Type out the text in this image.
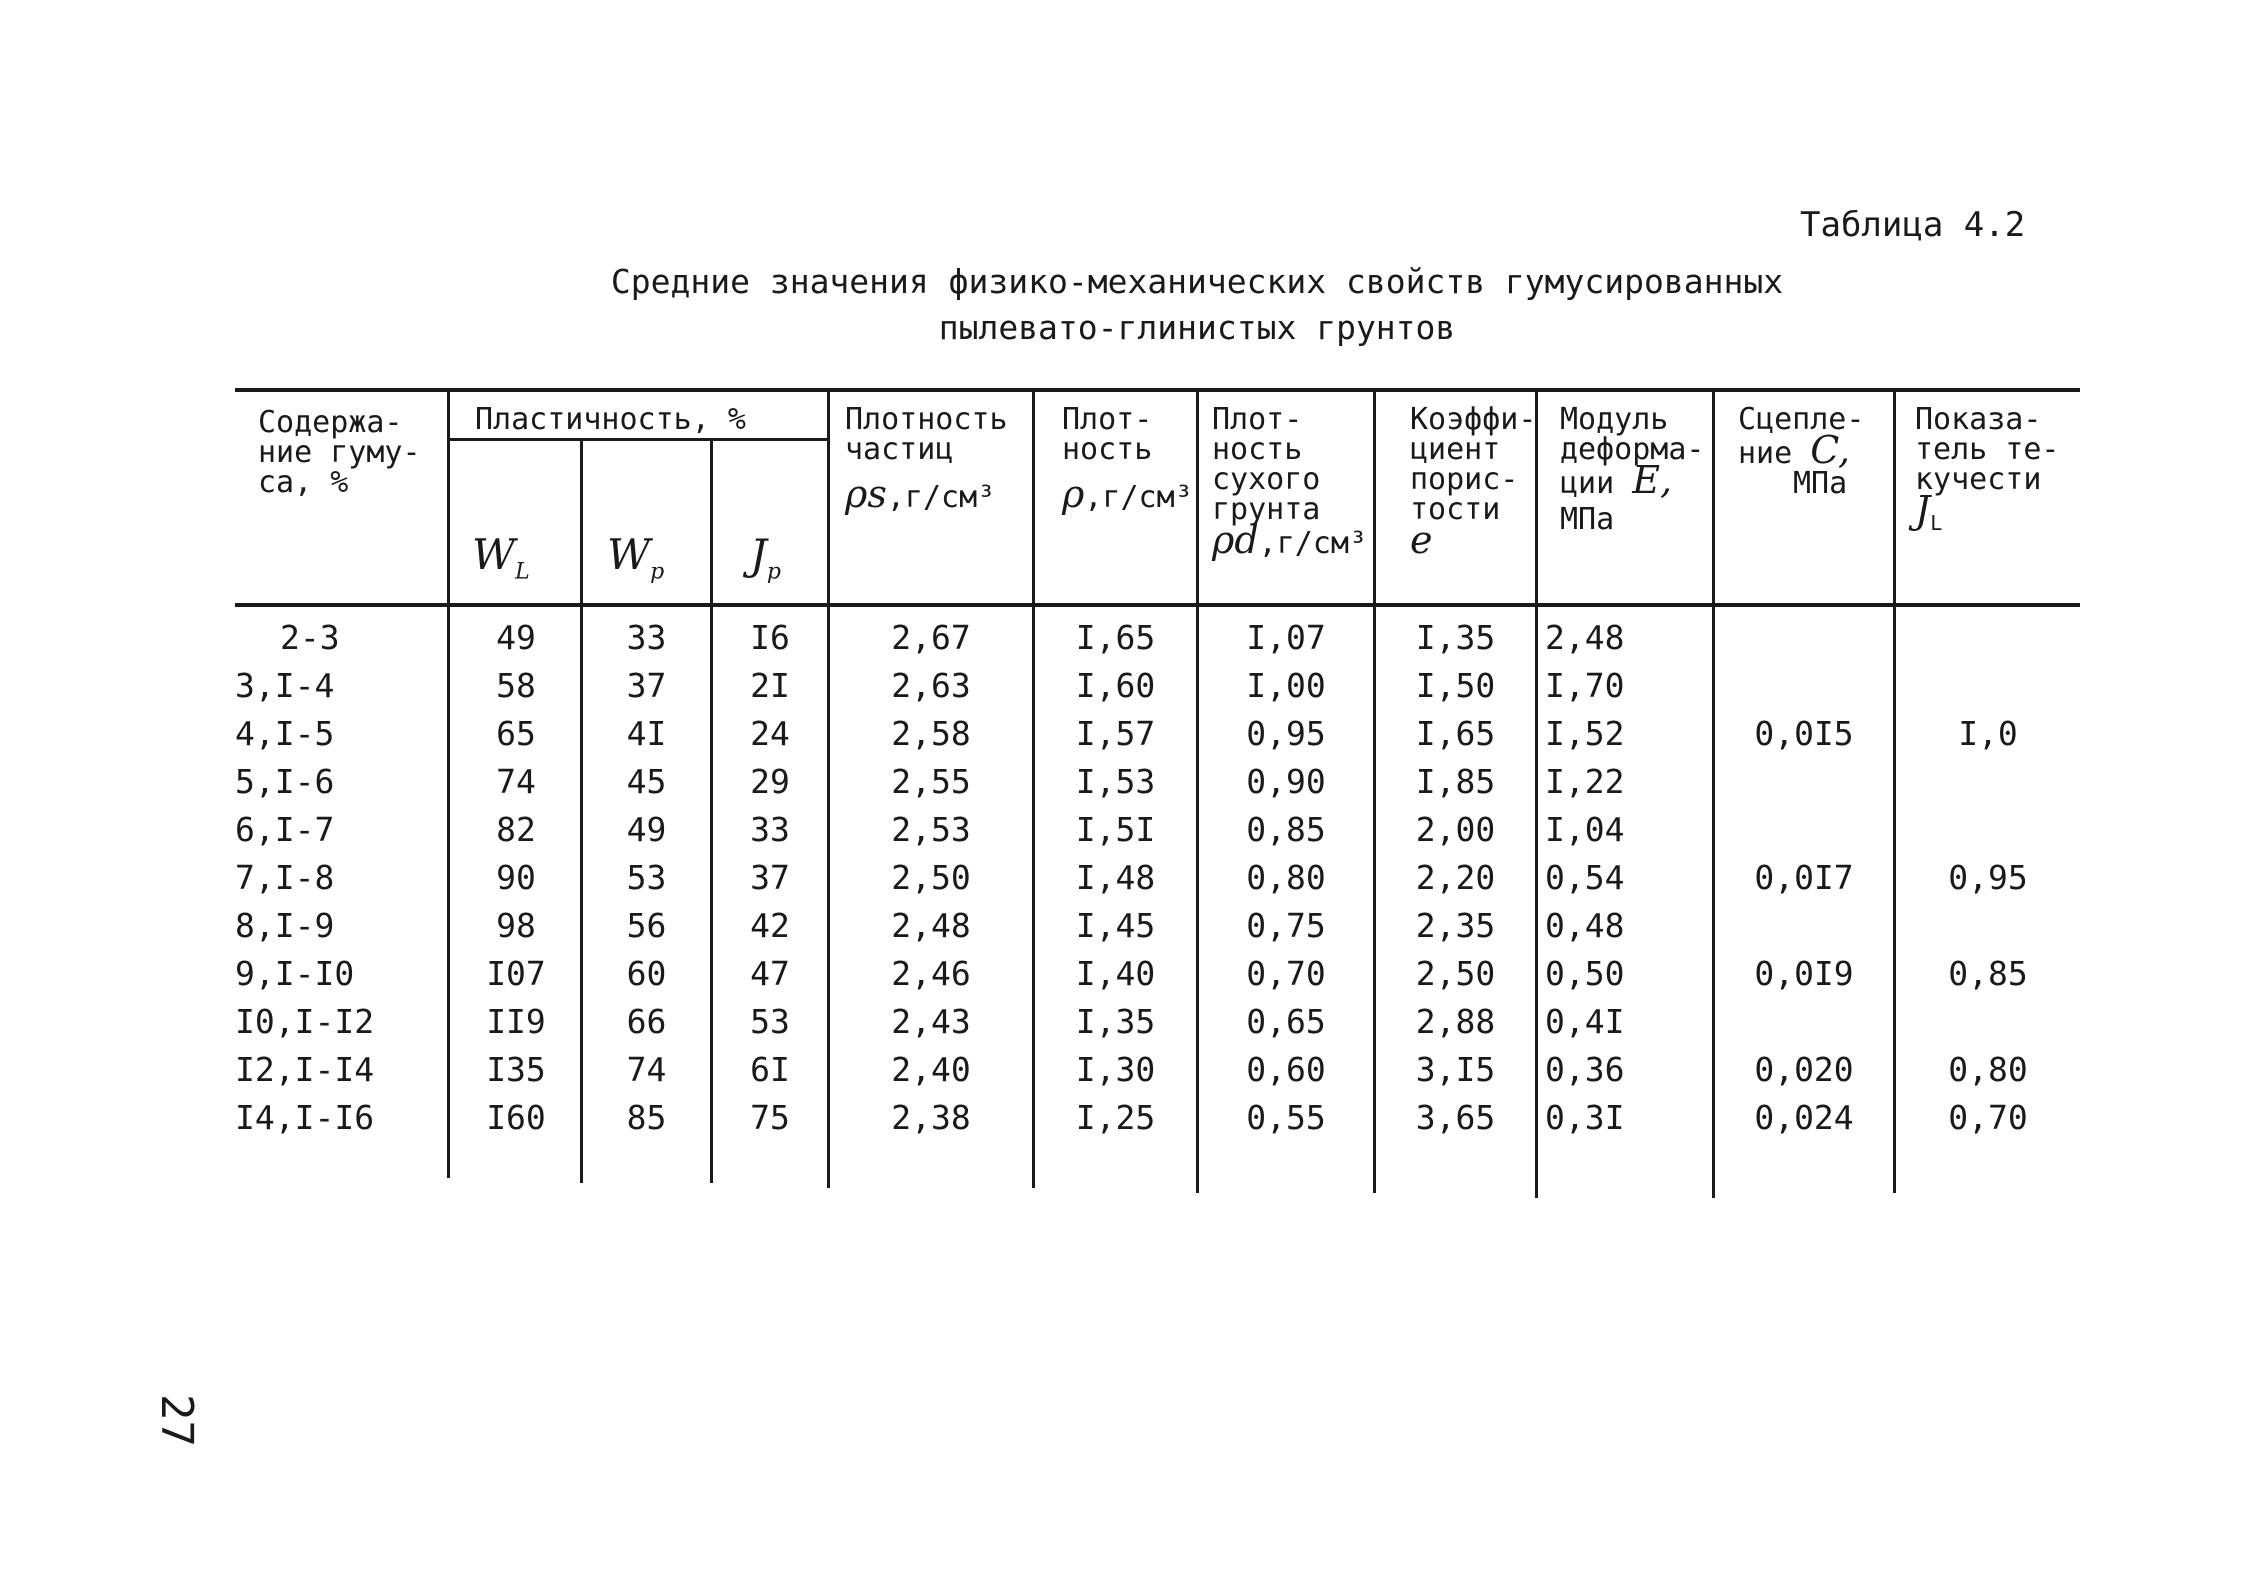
Таблица 4.2
Средние значения физико-механических свойств гумусированных
пылевато-глинистых грунтов
27
Содержа-
ние гуму-
са, %
Пластичность, %
$W_L$ $W_p$ $J_p$
Плотность
частиц
ρs,г/см³
Плот-
ность
ρ,г/см³
Плот-
ность
сухого
грунта
ρd,г/см³
Коэффи-
циент
порис-
тости
e
Модуль
деформа-
ции E,
МПа
Сцепле-
ние C,
МПа
Показа-
тель те-
кучести
$J_L$
2-3	49	33	I6	2,67	I,65	I,07	I,35	2,48
3,I-4	58	37	2I	2,63	I,60	I,00	I,50	I,70
4,I-5	65	4I	24	2,58	I,57	0,95	I,65	I,52	0,0I5	I,0
5,I-6	74	45	29	2,55	I,53	0,90	I,85	I,22
6,I-7	82	49	33	2,53	I,5I	0,85	2,00	I,04
7,I-8	90	53	37	2,50	I,48	0,80	2,20	0,54	0,0I7	0,95
8,I-9	98	56	42	2,48	I,45	0,75	2,35	0,48
9,I-I0	I07	60	47	2,46	I,40	0,70	2,50	0,50	0,0I9	0,85
I0,I-I2	II9	66	53	2,43	I,35	0,65	2,88	0,4I
I2,I-I4	I35	74	6I	2,40	I,30	0,60	3,I5	0,36	0,020	0,80
I4,I-I6	I60	85	75	2,38	I,25	0,55	3,65	0,3I	0,024	0,70
